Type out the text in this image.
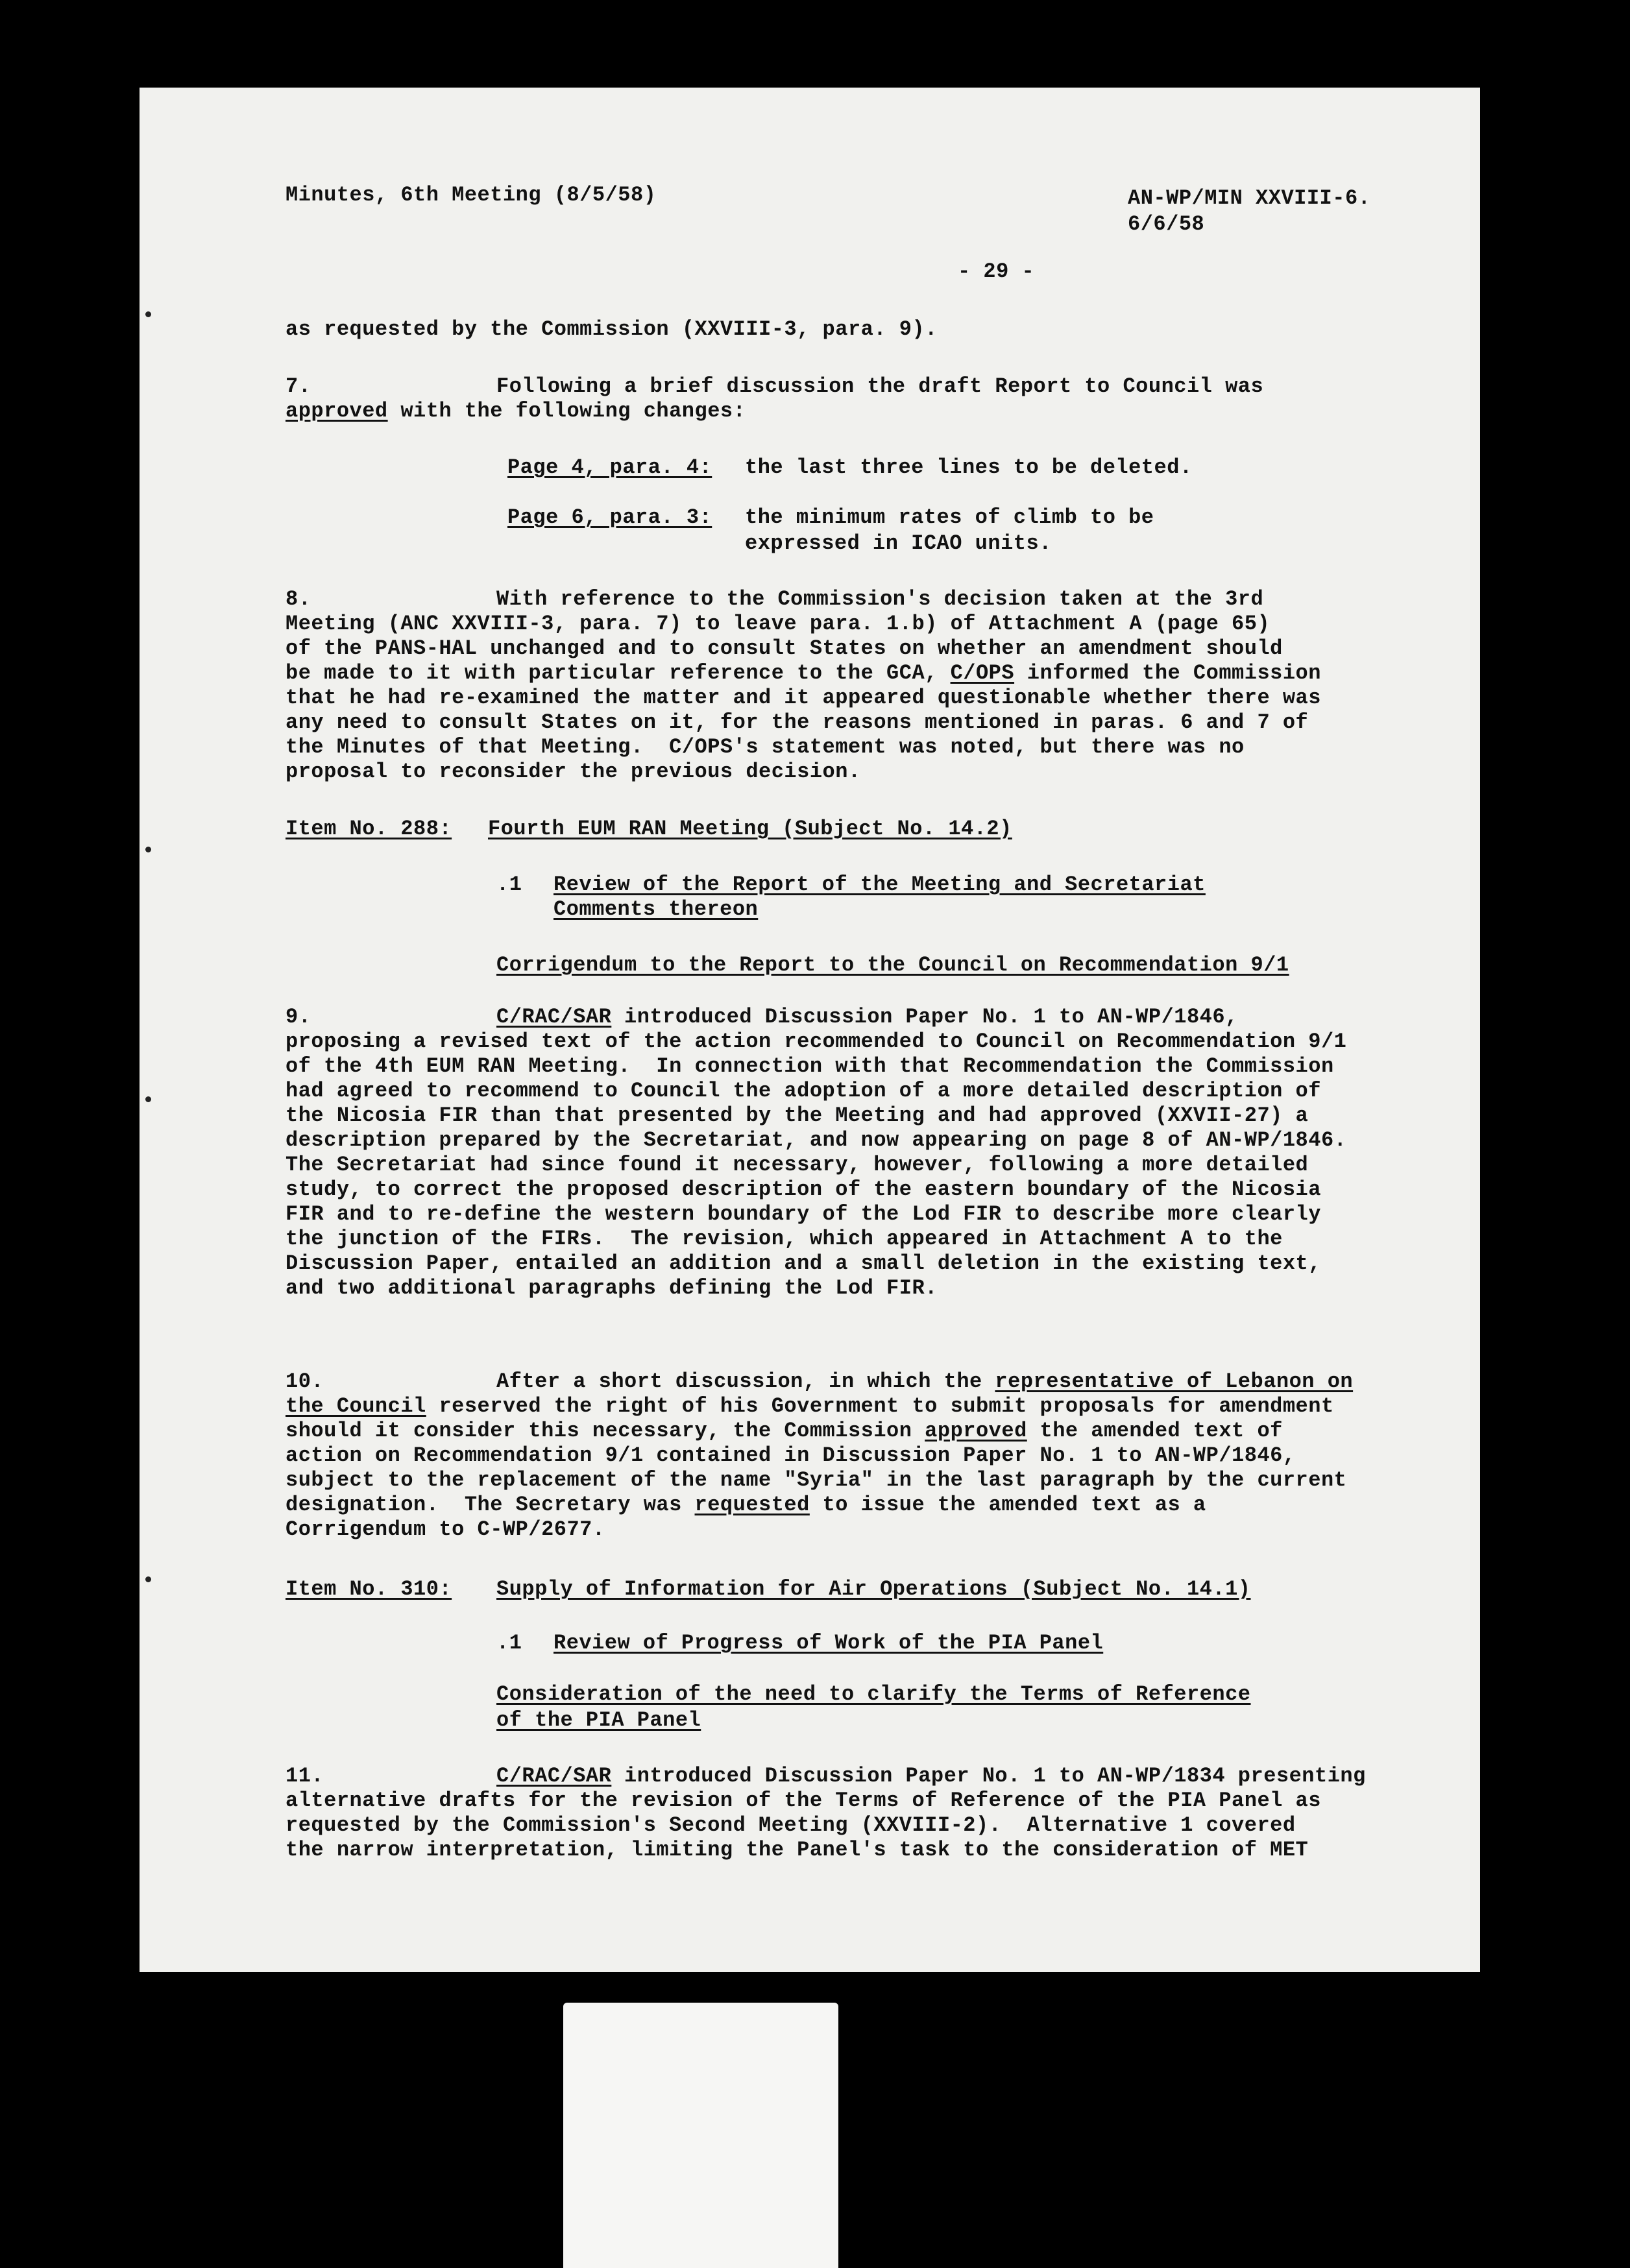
Minutes, 6th Meeting (8/5/58)	AN-WP/MIN XXVIII-6.
6/6/58
- 29 -
as requested by the Commission (XXVIII-3, para. 9).
7.	Following a brief discussion the draft Report to Council was
approved with the following changes:
Page 4, para. 4: the last three lines to be deleted.
Page 6, para. 3: the minimum rates of climb to be
expressed in ICAO units.
8.	With reference to the Commission's decision taken at the 3rd
Meeting (ANC XXVIII-3, para. 7) to leave para. 1.b) of Attachment A (page 65)
of the PANS-HAL unchanged and to consult States on whether an amendment should
be made to it with particular reference to the GCA, C/OPS informed the Commission
that he had re-examined the matter and it appeared questionable whether there was
any need to consult States on it, for the reasons mentioned in paras. 6 and 7 of
the Minutes of that Meeting.  C/OPS's statement was noted, but there was no
proposal to reconsider the previous decision.
Item No. 288: Fourth EUM RAN Meeting (Subject No. 14.2)
.1 Review of the Report of the Meeting and Secretariat
Comments thereon
Corrigendum to the Report to the Council on Recommendation 9/1
9.	C/RAC/SAR introduced Discussion Paper No. 1 to AN-WP/1846,
proposing a revised text of the action recommended to Council on Recommendation 9/1
of the 4th EUM RAN Meeting.  In connection with that Recommendation the Commission
had agreed to recommend to Council the adoption of a more detailed description of
the Nicosia FIR than that presented by the Meeting and had approved (XXVII-27) a
description prepared by the Secretariat, and now appearing on page 8 of AN-WP/1846.
The Secretariat had since found it necessary, however, following a more detailed
study, to correct the proposed description of the eastern boundary of the Nicosia
FIR and to re-define the western boundary of the Lod FIR to describe more clearly
the junction of the FIRs.  The revision, which appeared in Attachment A to the
Discussion Paper, entailed an addition and a small deletion in the existing text,
and two additional paragraphs defining the Lod FIR.
10.	After a short discussion, in which the representative of Lebanon on
the Council reserved the right of his Government to submit proposals for amendment
should it consider this necessary, the Commission approved the amended text of
action on Recommendation 9/1 contained in Discussion Paper No. 1 to AN-WP/1846,
subject to the replacement of the name "Syria" in the last paragraph by the current
designation.  The Secretary was requested to issue the amended text as a
Corrigendum to C-WP/2677.
Item No. 310: Supply of Information for Air Operations (Subject No. 14.1)
.1 Review of Progress of Work of the PIA Panel
Consideration of the need to clarify the Terms of Reference
of the PIA Panel
11.	C/RAC/SAR introduced Discussion Paper No. 1 to AN-WP/1834 presenting
alternative drafts for the revision of the Terms of Reference of the PIA Panel as
requested by the Commission's Second Meeting (XXVIII-2).  Alternative 1 covered
the narrow interpretation, limiting the Panel's task to the consideration of MET
